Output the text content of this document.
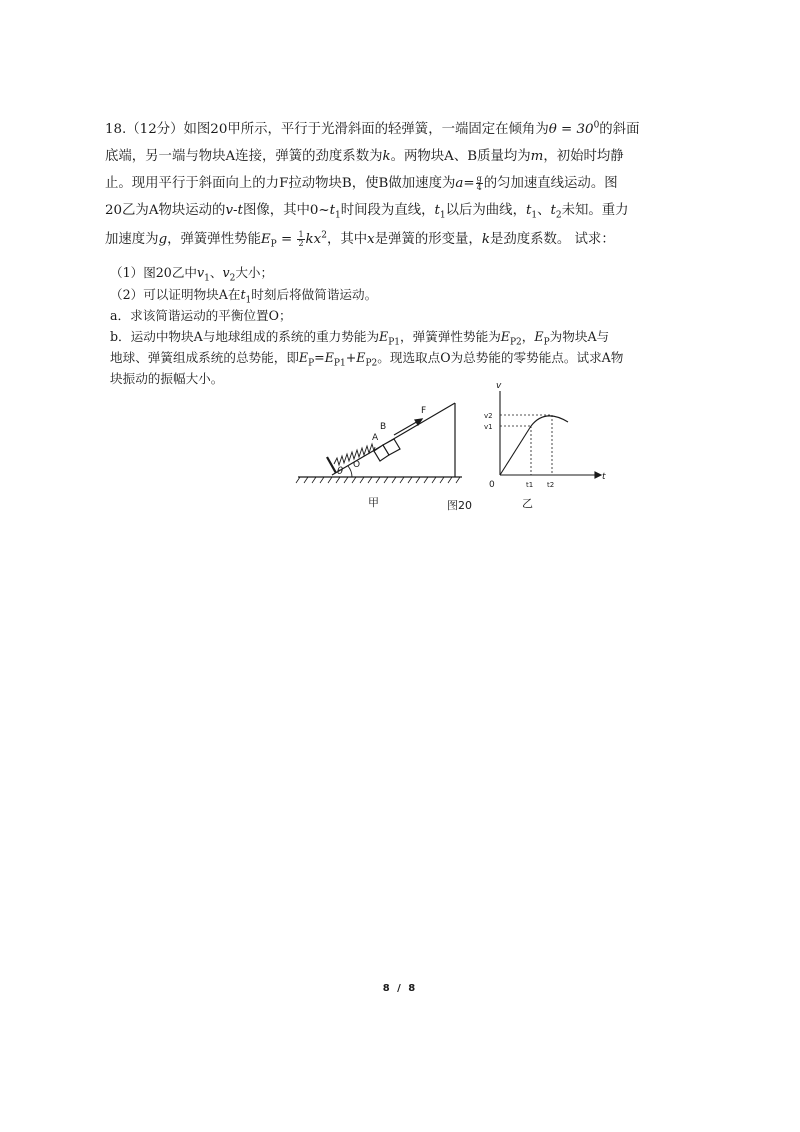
18.（12分）如图20甲所示，平行于光滑斜面的轻弹簧，一端固定在倾角为$\theta = 30^0$的斜面
底端，另一端与物块A连接，弹簧的劲度系数为k。两物块A、B质量均为m，初始时均静
止。现用平行于斜面向上的力F拉动物块B，使B做加速度为$a= \frac{g}{4}$ 的匀加速直线运动。图
20乙为A物块运动的v-t图像，其中$0\sim t_1$时间段为直线，$t_1$以后为曲线，$t_1$、$t_2$未知。重力
加速度为g，弹簧弹性势能$E_P = \frac{1}{2} kx^2$，其中x是弹簧的形变量，k是劲度系数。 试求：
（1）图20乙中$v_1$、$v_2$大小；
（2）可以证明物块A在$t_1$时刻后将做简谐运动。
a．求该简谐运动的平衡位置O；
b．运动中物块A与地球组成的系统的重力势能为$E_{P1}$，弹簧弹性势能为$E_{P2}$，$E_P$为物块A与
地球、弹簧组成系统的总势能，即$E_P=E_{P1}+E_{P2}$。现选取点O为总势能的零势能点。试求A物
块振动的振幅大小。
A
B
F
θ
O
甲	图20
v
t
0
v1
v2
t1 t2
乙
8 / 8
